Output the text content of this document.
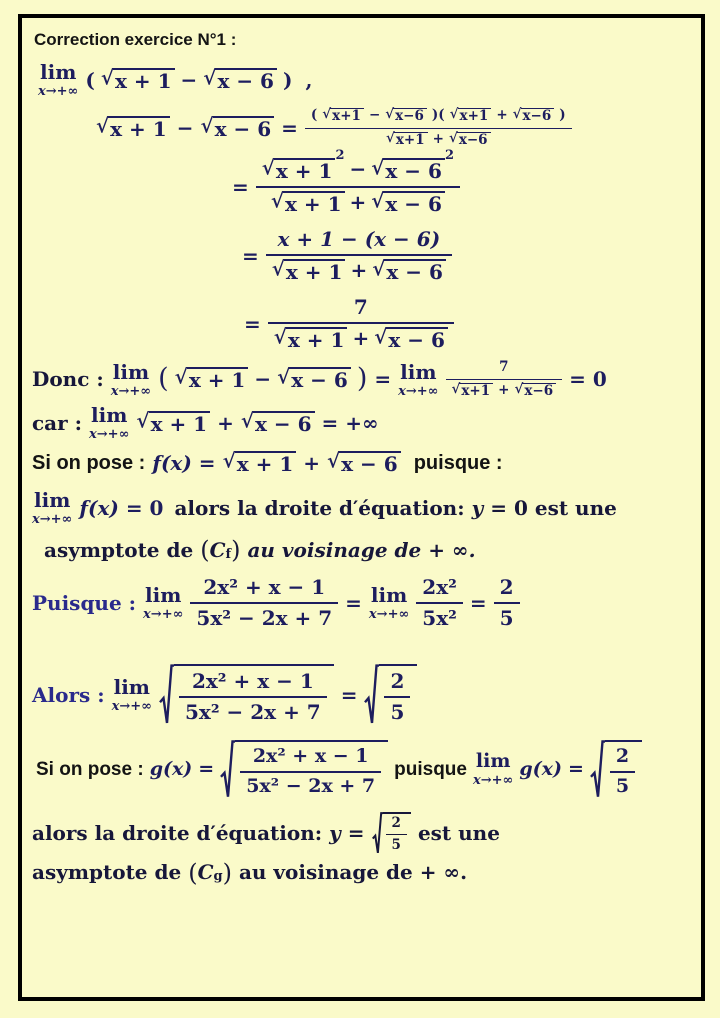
Correction exercice N°1 :
lim
x→+∞ ( √ x + 1 − √ x − 6 ) ,
√ x + 1 − √ x − 6 =
( √ x+1 − √ x−6 )( √ x+1 + √ x−6 )
√ x+1 + √ x−6
=
√ x + 1
2
− √ x − 6
2
√ x + 1 + √ x − 6
= x + 1 − (x − 6)
√ x + 1 + √ x − 6
= 7
√ x + 1 + √ x − 6
Donc : lim
x→+∞ ( √ x + 1 − √ x − 6 ) = lim
x→+∞ 7
√ x+1 + √ x−6 = 0
car : lim
x→+∞ √ x + 1 + √ x − 6 = +∞
Si on pose : f(x) = √ x + 1 + √ x − 6 puisque :
lim
x→+∞ f(x) = 0 alors la droite d′équation: y = 0 est une
asymptote de ( C f ) au voisinage de + ∞.
Puisque : lim
$x\to+\infty \frac{\text{2x² + x − 1}}{\text{5x² − 2x + 7}} = \lim$
$x\to+\infty \frac{\text{2x²}}{\text{5x²}} = \frac{2}{5}$
Alors : lim
$x\to+\infty \frac{\text{2x² + x − 1}}{\text{5x² − 2x + 7}} = \frac{2}{5}$
Si on pose : $g(x) = \frac{\text{2x² + x − 1}}{\text{5x² − 2x + 7}}$ puisque lim
x→+∞
$g(x) = \frac{2}{5}$
alors la droite d′équation: $y = \frac{2}{5}$ est une
asymptote de ( C g ) au voisinage de + ∞.
